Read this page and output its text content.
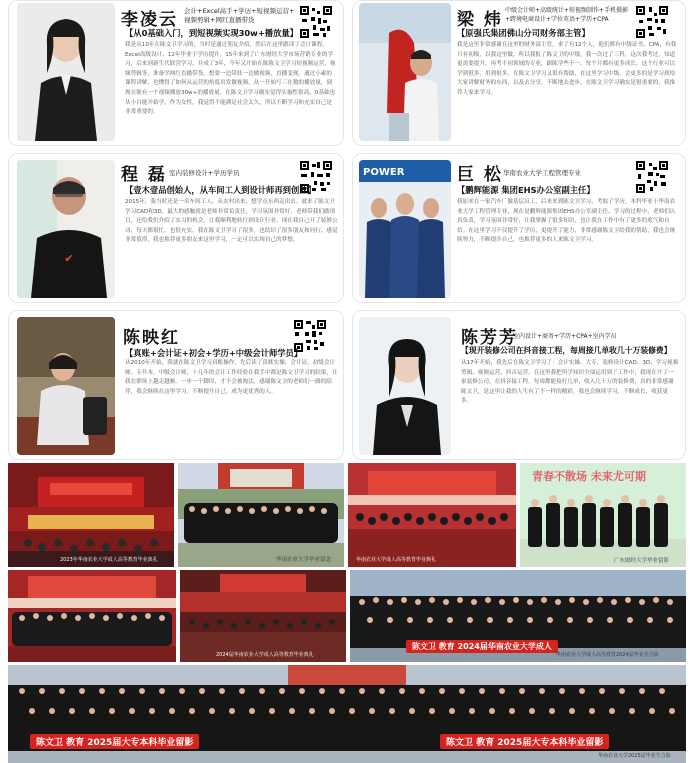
李凌云 会计+Excel高手+学历+短视频运营+
视频剪辑+网红直播带货
【从0基础入门，到短视频实现30w+播放量】
我是从10年在陈文卫学习的，当时是通过朋友介绍，然后在这里跟读了会计课程。Excel高级设计、12年毕业于学历提升。15年来到了广东财经大学市场营销专业的学习，后来到新生代联营学习，并成了3年，今年又开始在陈陈文卫学习短视频运营、视频剪辑等，准备学网红直播带货。想要一边带娃一边做视频，直播变现。通过小素的课程讲解，也懂得了如何从运营的角度出发做视频，从一开始写三在数的播放量，到现在能有一个视频播放30w+的播放量，在陈文卫学习确实觉得实惠性很高，0基础也从小白能开始学，作为女性，我觉得不能满足社会太久，所以不断学习和充实自己是非常重要的。
梁 炜 中级会计师+高级统计+短视频制作+手机摄影
+跨境电商设计+学位英语+学历+CPA
【原强氏集团佛山分司财务部主管】
我是这里非常感谢在这里的财务部主管，来了有12个人，他们都有中级证书、CPA，有我只有初级，以我这里做，所以我报了陈文卫的中级。我一次过了三科，这次我考过，知道更需要提升，再考不同领域的专业，跟陈学些不一，每个月都有更多成长，这个行业可以学到很多，用到很多，在陈文卫学习又很有帮助，在这里学习中级，会更多的是学习到给大家讲解财务的东西，以及去分享，不断地去进步，在陈文卫学习确实是很重要的，我推荐大家来学习。
✔
程 磊 室内装修设计+学历学员
【壹木壹品创始人，从车间工人到设计师再到创业】
2015年，我当时还是一名车间工人，从农村出来，想学点东西走出去。就来了陈文卫学习CAD和3D，最大的感触就是老师非常负责任，学习氛围非常好，老师带我们做项目，还给我们介绍了实习的机会，让我顺利地转行到设计行业。现在我自己开了装修公司，每天都很忙，也很充实。我在陈文卫学习了很多，也结识了很多朋友和同行，感觉非常值得，我也推荐更多朋友来这里学习，一定可以实现自己的梦想。
POWER	巨 松 华南农业大学工程管理专业
【鹏辉能源 集团EHS办公室副主任】
我原来在一家汽车厂做基层员工，后来来到陈文卫学习，考取了学历，本科毕业于华南农业大学工程管理专业，现在是鹏辉能源集团EHS办公室副主任。学习的过程中，老师们认真负责，学习氛围非常好，让我掌握了很多知识，也让我在工作中有了更多的底气和自信。在这里学习不仅提升了学历，更提升了能力，非常感谢陈文卫给我的帮助，我也会继续努力，不断提升自己，也推荐更多的人来陈文卫学习。
陈映红
【真账+会计证+初会+学历+中级会计师学员】
从2010年开始，我就在陈文卫学习真账操作，先后读了真账实操、会计证、初级会计师、专升本、中级会计师，十几年的会计工作经验在我手中都是陈文卫学习的结果，让我在职场上越走越顺。一步一个脚印，才不会被淘汰，感谢陈文卫的老师们一路的陪伴，我会继续在这里学习，不断提升自己，成为更优秀的人。
陈芳芳
室内设计+商务+学历+CPA+室内学员
【现开装修公司在抖音接工程，每周接几单收几十万装修费】
从17年开始，我先后在陈文卫学习了：会计实操、大专、装修设计CAD、3D、学习视频剪辑、视频运营、抖音运营，在这里我把所学知识全部运用到了工作中，我现在开了一家装修公司，在抖音接工程，每周都能接好几单，收入几十万的装修费，真的非常感谢陈文卫，是这里让我的人生有了不一样的精彩，我也会继续学习，不断成长，收获更多。
2023年华南农业大学成人高等教育毕业典礼	华南农业大学毕业留念	华南农业大学成人高等教育毕业典礼
青春不散场 未来尤可期
广东财经大学毕业留影
2024届华南农业大学成人高等教育毕业典礼
陈文卫 教育 2024届华南农业大学成人
华南农业大学成人高等教育2024届毕业生合影
陈文卫 教育 2025届大专本科毕业留影	陈文卫 教育 2025届大专本科毕业留影
华南农业大学2025届毕业生合影
